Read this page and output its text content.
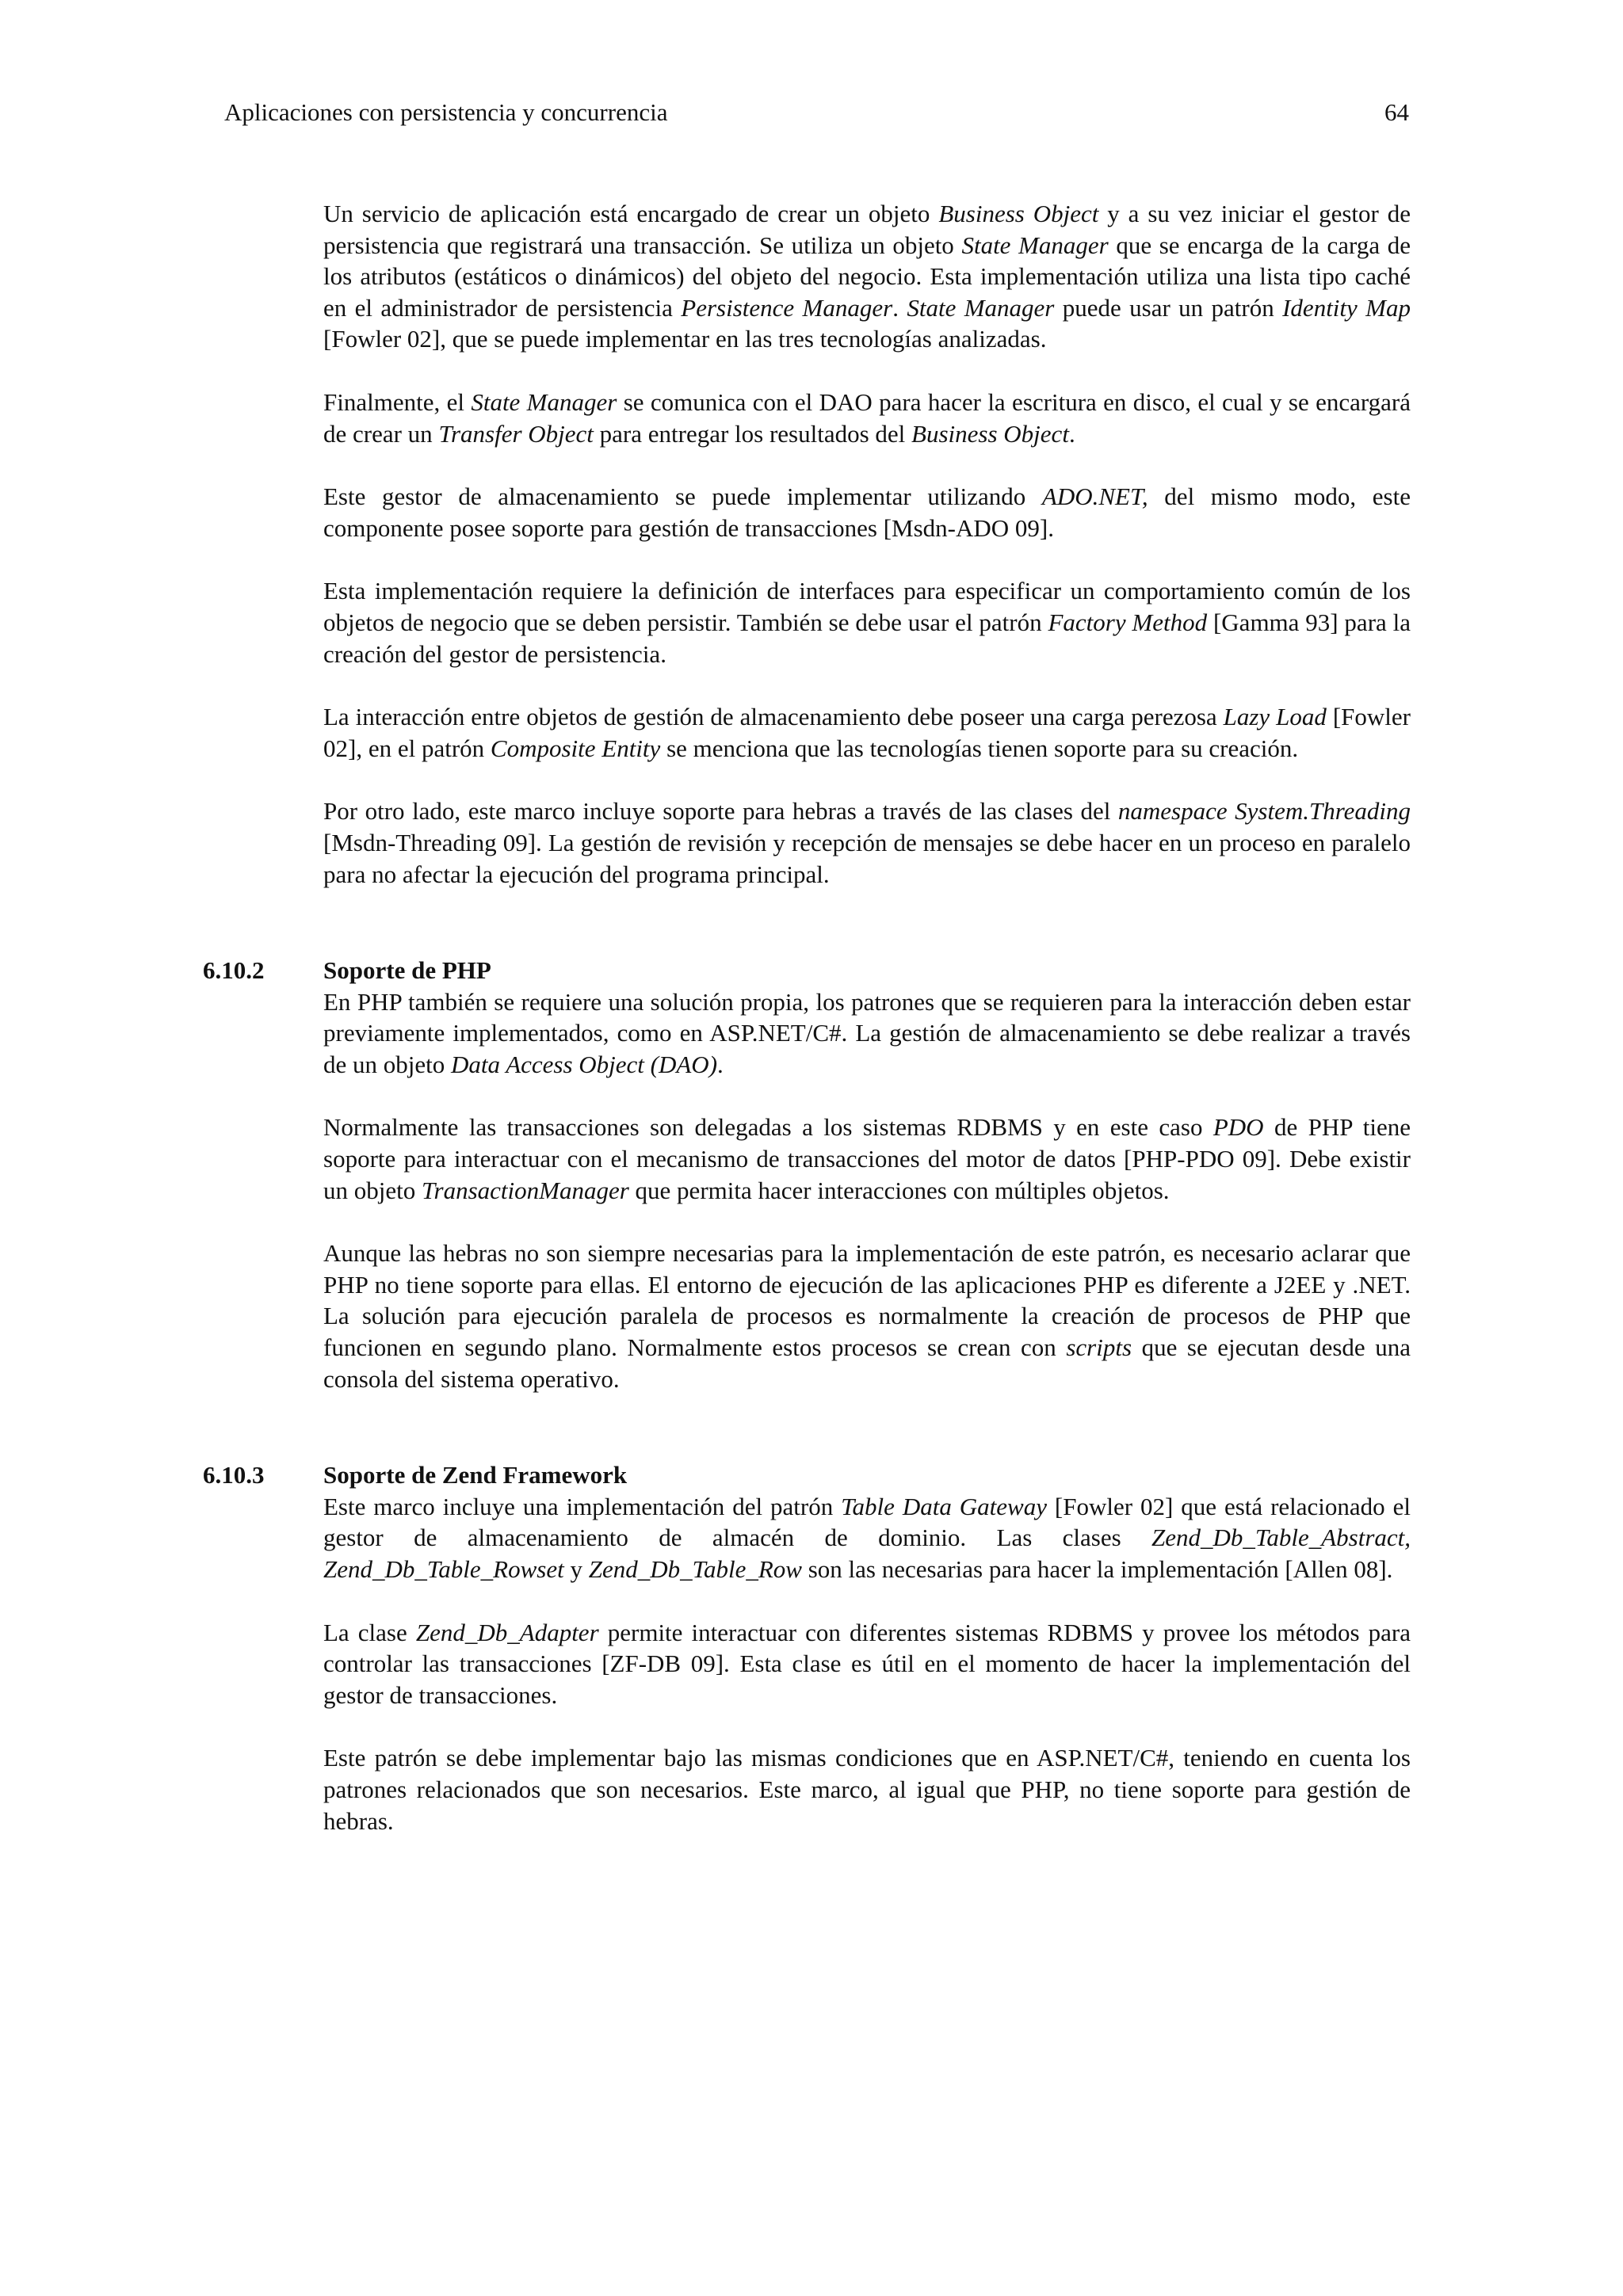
Aplicaciones con persistencia y concurrencia	64

Un servicio de aplicación está encargado de crear un objeto Business Object y a su vez iniciar el gestor de persistencia que registrará una transacción. Se utiliza un objeto State Manager que se encarga de la carga de los atributos (estáticos o dinámicos) del objeto del negocio. Esta implementación utiliza una lista tipo caché en el administrador de persistencia Persistence Manager. State Manager puede usar un patrón Identity Map [Fowler 02], que se puede implementar en las tres tecnologías analizadas.

Finalmente, el State Manager se comunica con el DAO para hacer la escritura en disco, el cual y se encargará de crear un Transfer Object para entregar los resultados del Business Object.

Este gestor de almacenamiento se puede implementar utilizando ADO.NET, del mismo modo, este componente posee soporte para gestión de transacciones [Msdn-ADO 09].

Esta implementación requiere la definición de interfaces para especificar un comportamiento común de los objetos de negocio que se deben persistir. También se debe usar el patrón Factory Method [Gamma 93] para la creación del gestor de persistencia.

La interacción entre objetos de gestión de almacenamiento debe poseer una carga perezosa Lazy Load [Fowler 02], en el patrón Composite Entity se menciona que las tecnologías tienen soporte para su creación.

Por otro lado, este marco incluye soporte para hebras a través de las clases del namespace System.Threading [Msdn-Threading 09]. La gestión de revisión y recepción de mensajes se debe hacer en un proceso en paralelo para no afectar la ejecución del programa principal.

6.10.2 Soporte de PHP

En PHP también se requiere una solución propia, los patrones que se requieren para la interacción deben estar previamente implementados, como en ASP.NET/C#. La gestión de almacenamiento se debe realizar a través de un objeto Data Access Object (DAO).

Normalmente las transacciones son delegadas a los sistemas RDBMS y en este caso PDO de PHP tiene soporte para interactuar con el mecanismo de transacciones del motor de datos [PHP-PDO 09]. Debe existir un objeto TransactionManager que permita hacer interacciones con múltiples objetos.

Aunque las hebras no son siempre necesarias para la implementación de este patrón, es necesario aclarar que PHP no tiene soporte para ellas. El entorno de ejecución de las aplicaciones PHP es diferente a J2EE y .NET. La solución para ejecución paralela de procesos es normalmente la creación de procesos de PHP que funcionen en segundo plano. Normalmente estos procesos se crean con scripts que se ejecutan desde una consola del sistema operativo.

6.10.3 Soporte de Zend Framework

Este marco incluye una implementación del patrón Table Data Gateway [Fowler 02] que está relacionado el gestor de almacenamiento de almacén de dominio. Las clases Zend_Db_Table_Abstract, Zend_Db_Table_Rowset y Zend_Db_Table_Row son las necesarias para hacer la implementación [Allen 08].

La clase Zend_Db_Adapter permite interactuar con diferentes sistemas RDBMS y provee los métodos para controlar las transacciones [ZF-DB 09]. Esta clase es útil en el momento de hacer la implementación del gestor de transacciones.

Este patrón se debe implementar bajo las mismas condiciones que en ASP.NET/C#, teniendo en cuenta los patrones relacionados que son necesarios. Este marco, al igual que PHP, no tiene soporte para gestión de hebras.
